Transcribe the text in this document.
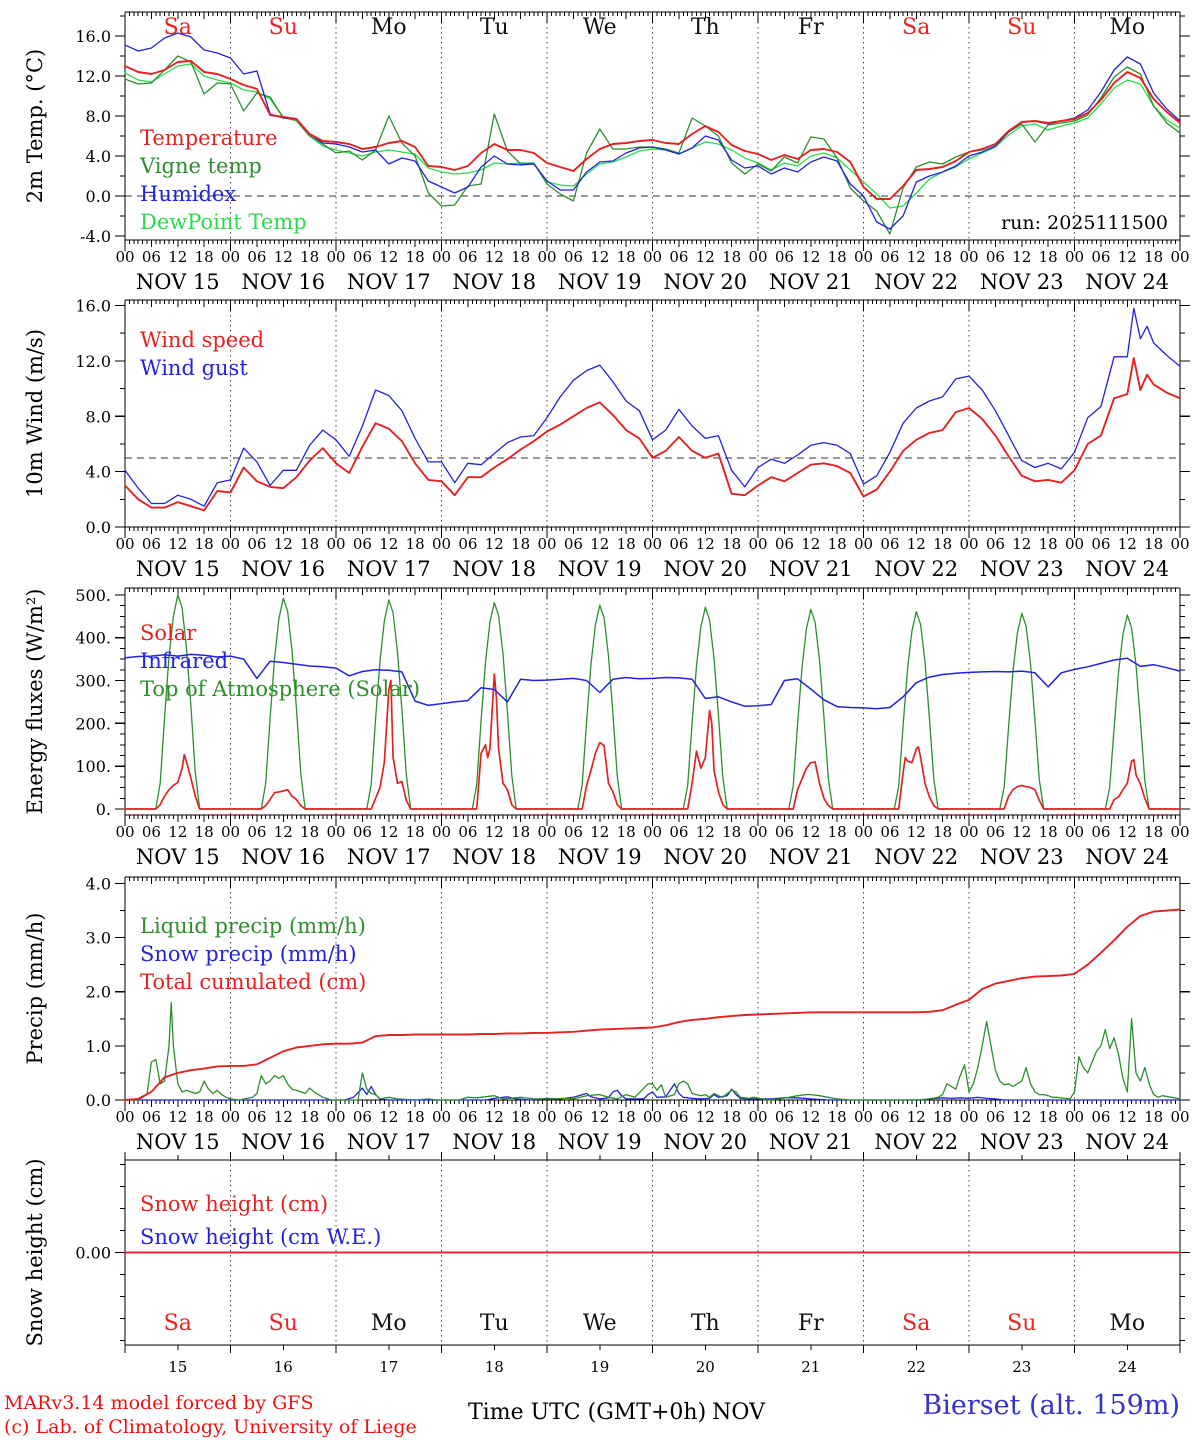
-4.0
0.0
4.0
8.0
12.0
16.0
2m Temp. (°C)	Temperature
Vigne temp
Humidex
DewPoint Temp
00 06 12 18
NOV 15
00 06 12 18
NOV 16
00 06 12 18
NOV 17
00 06 12 18
NOV 18
00 06 12 18
NOV 19
00 06 12 18
NOV 20
00 06 12 18
NOV 21
00 06 12 18
NOV 22
00 06 12 18
NOV 23
00 06 12 18
NOV 24
00
Sa	Su	Mo	Tu	We	Th	Fr	Sa	Su	Mo
0.0
4.0
8.0
12.0
16.0
10m Wind (m/s)	Wind speed
Wind gust
00 06 12 18
NOV 15
00 06 12 18
NOV 16
00 06 12 18
NOV 17
00 06 12 18
NOV 18
00 06 12 18
NOV 19
00 06 12 18
NOV 20
00 06 12 18
NOV 21
00 06 12 18
NOV 22
00 06 12 18
NOV 23
00 06 12 18
NOV 24
00
0.
100.
200.
300.
400.
500.
Energy fluxes (W/m²)	Solar
Infrared
Top of Atmosphere (Solar)
00 06 12 18
NOV 15
00 06 12 18
NOV 16
00 06 12 18
NOV 17
00 06 12 18
NOV 18
00 06 12 18
NOV 19
00 06 12 18
NOV 20
00 06 12 18
NOV 21
00 06 12 18
NOV 22
00 06 12 18
NOV 23
00 06 12 18
NOV 24
00
0.0
1.0
2.0
3.0
4.0
Precip (mm/h)	Liquid precip (mm/h)
Snow precip (mm/h)
Total cumulated (cm)
00 06 12 18
NOV 15
00 06 12 18
NOV 16
00 06 12 18
NOV 17
00 06 12 18
NOV 18
00 06 12 18
NOV 19
00 06 12 18
NOV 20
00 06 12 18
NOV 21
00 06 12 18
NOV 22
00 06 12 18
NOV 23
00 06 12 18
NOV 24
00
0.00
Snow height (cm)	Snow height (cm)
Snow height (cm W.E.)
15	16	17	18	19	20	21	22	23	24
Sa	Su	Mo	Tu	We	Th	Fr	Sa	Su	Mo
run: 2025111500
MARv3.14 model forced by GFS
(c) Lab. of Climatology, University of Liege
Time UTC (GMT+0h) NOV	Bierset (alt. 159m)
